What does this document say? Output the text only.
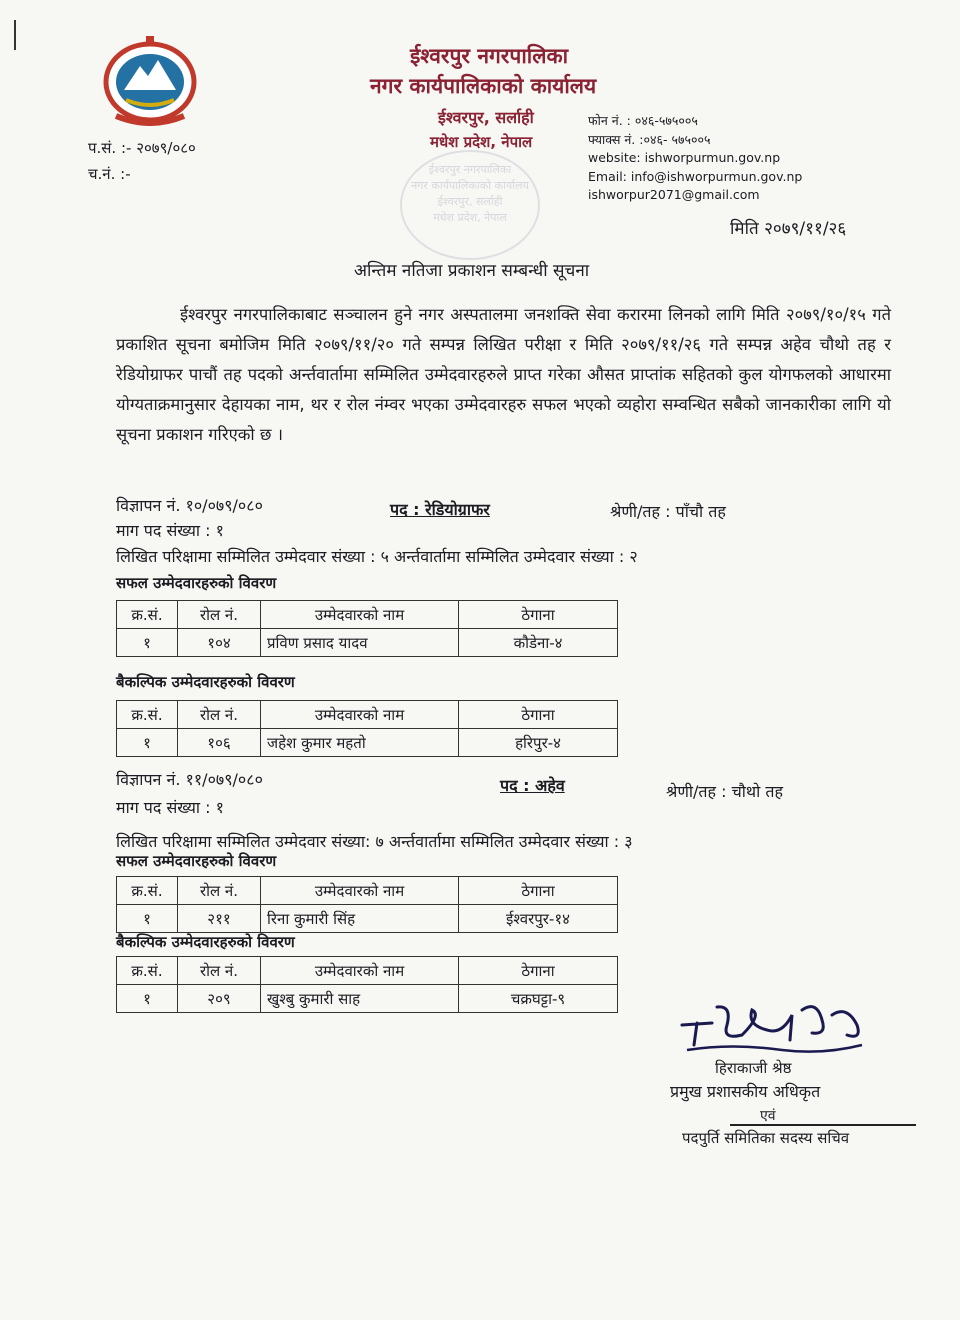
ईश्वरपुर नगरपालिका
नगर कार्यपालिकाको कार्यालय
ईश्वरपुर, सर्लाही
मधेश प्रदेश, नेपाल
फोन नं. : ०४६-५७५००५
फ्याक्स नं. :०४६- ५७५००५
website: ishworpurmun.gov.np
Email: info@ishworpurmun.gov.np
ishworpur2071@gmail.com
प.सं. :- २०७९/०८०
च.नं. :-	ईश्वरपुर नगरपालिका
नगर कार्यपालिकाको कार्यालय
ईश्वरपुर, सर्लाही
मधेश प्रदेश, नेपाल
मिति २०७९/११/२६
अन्तिम नतिजा प्रकाशन सम्बन्धी सूचना
ईश्वरपुर नगरपालिकाबाट सञ्चालन हुने नगर अस्पतालमा जनशक्ति सेवा करारमा लिनको लागि मिति २०७९/१०/१५ गते प्रकाशित सूचना बमोजिम मिति २०७९/११/२० गते सम्पन्न लिखित परीक्षा र मिति २०७९/११/२६ गते सम्पन्न अहेव चौथो तह र रेडियोग्राफर पाचौं तह पदको अर्न्तवार्तामा सम्मिलित उम्मेदवारहरुले प्राप्त गरेका औसत प्राप्तांक सहितको कुल योगफलको आधारमा योग्यताक्रमानुसार देहायका नाम, थर र रोल नंम्वर भएका उम्मेदवारहरु सफल भएको व्यहोरा सम्वन्धित सबैको जानकारीका लागि यो सूचना प्रकाशन गरिएको छ ।
विज्ञापन नं. १०/०७९/०८०	पद : रेडियोग्राफर	श्रेणी/तह : पाँचौ तह
माग पद संख्या : १
लिखित परिक्षामा सम्मिलित उम्मेदवार संख्या : ५ अर्न्तवार्तामा सम्मिलित उम्मेदवार संख्या : २
सफल उम्मेदवारहरुको विवरण
क्र.सं.	रोल नं.	उम्मेदवारको नाम	ठेगाना
१	१०४	प्रविण प्रसाद यादव	कौडेना-४
बैकल्पिक उम्मेदवारहरुको विवरण
क्र.सं.	रोल नं.	उम्मेदवारको नाम	ठेगाना
१	१०६	जहेश कुमार महतो	हरिपुर-४
विज्ञापन नं. ११/०७९/०८०	पद : अहेव	श्रेणी/तह : चौथो तह
माग पद संख्या : १
लिखित परिक्षामा सम्मिलित उम्मेदवार संख्या: ७ अर्न्तवार्तामा सम्मिलित उम्मेदवार संख्या : ३
सफल उम्मेदवारहरुको विवरण
क्र.सं.	रोल नं.	उम्मेदवारको नाम	ठेगाना
१	२११	रिना कुमारी सिंह	ईश्वरपुर-१४
बैकल्पिक उम्मेदवारहरुको विवरण
क्र.सं.	रोल नं.	उम्मेदवारको नाम	ठेगाना
१	२०९	खुश्बु कुमारी साह	चक्रघट्टा-९
हिराकाजी श्रेष्ठ
प्रमुख प्रशासकीय अधिकृत
एवं
पदपुर्ति समितिका सदस्य सचिव
